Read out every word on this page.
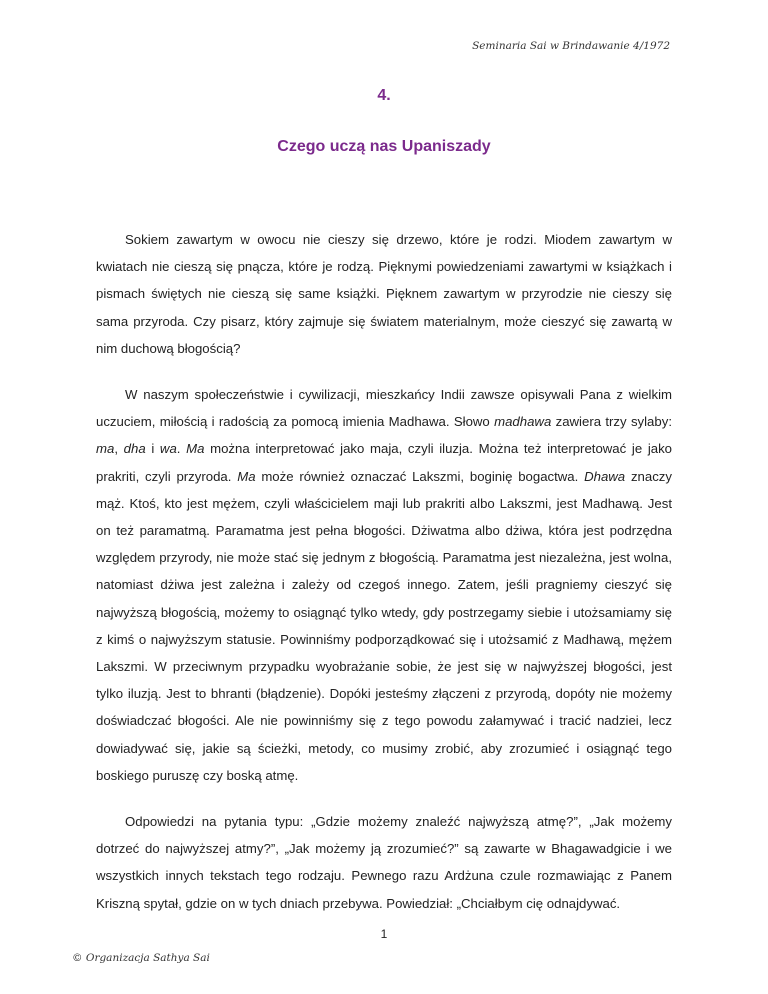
Seminaria Sai w Brindawanie 4/1972
4.
Czego uczą nas Upaniszady

Sokiem zawartym w owocu nie cieszy się drzewo, które je rodzi. Miodem zawartym w kwiatach nie cieszą się pnącza, które je rodzą. Pięknymi powiedzeniami zawartymi w książkach i pismach świętych nie cieszą się same książki. Pięknem zawartym w przyrodzie nie cieszy się sama przyroda. Czy pisarz, który zajmuje się światem materialnym, może cieszyć się zawartą w nim duchową błogością?

W naszym społeczeństwie i cywilizacji, mieszkańcy Indii zawsze opisywali Pana z wielkim uczuciem, miłością i radością za pomocą imienia Madhawa. Słowo madhawa zawiera trzy sylaby: ma, dha i wa. Ma można interpretować jako maja, czyli iluzja. Można też interpretować je jako prakriti, czyli przyroda. Ma może również oznaczać Lakszmi, boginię bogactwa. Dhawa znaczy mąż. Ktoś, kto jest mężem, czyli właścicielem maji lub prakriti albo Lakszmi, jest Madhawą. Jest on też paramatmą. Paramatma jest pełna błogości. Dżiwatma albo dżiwa, która jest podrzędna względem przyrody, nie może stać się jednym z błogością. Paramatma jest niezależna, jest wolna, natomiast dżiwa jest zależna i zależy od czegoś innego. Zatem, jeśli pragniemy cieszyć się najwyższą błogością, możemy to osiągnąć tylko wtedy, gdy postrzegamy siebie i utożsamiamy się z kimś o najwyższym statusie. Powinniśmy podporządkować się i utożsamić z Madhawą, mężem Lakszmi. W przeciwnym przypadku wyobrażanie sobie, że jest się w najwyższej błogości, jest tylko iluzją. Jest to bhranti (błądzenie). Dopóki jesteśmy złączeni z przyrodą, dopóty nie możemy doświadczać błogości. Ale nie powinniśmy się z tego powodu załamywać i tracić nadziei, lecz dowiadywać się, jakie są ścieżki, metody, co musimy zrobić, aby zrozumieć i osiągnąć tego boskiego puruszę czy boską atmę.

Odpowiedzi na pytania typu: „Gdzie możemy znaleźć najwyższą atmę?”, „Jak możemy dotrzeć do najwyższej atmy?”, „Jak możemy ją zrozumieć?” są zawarte w Bhagawadgicie i we wszystkich innych tekstach tego rodzaju. Pewnego razu Ardżuna czule rozmawiając z Panem Kriszną spytał, gdzie on w tych dniach przebywa. Powiedział: „Chciałbym cię odnajdywać.

1
© Organizacja Sathya Sai
